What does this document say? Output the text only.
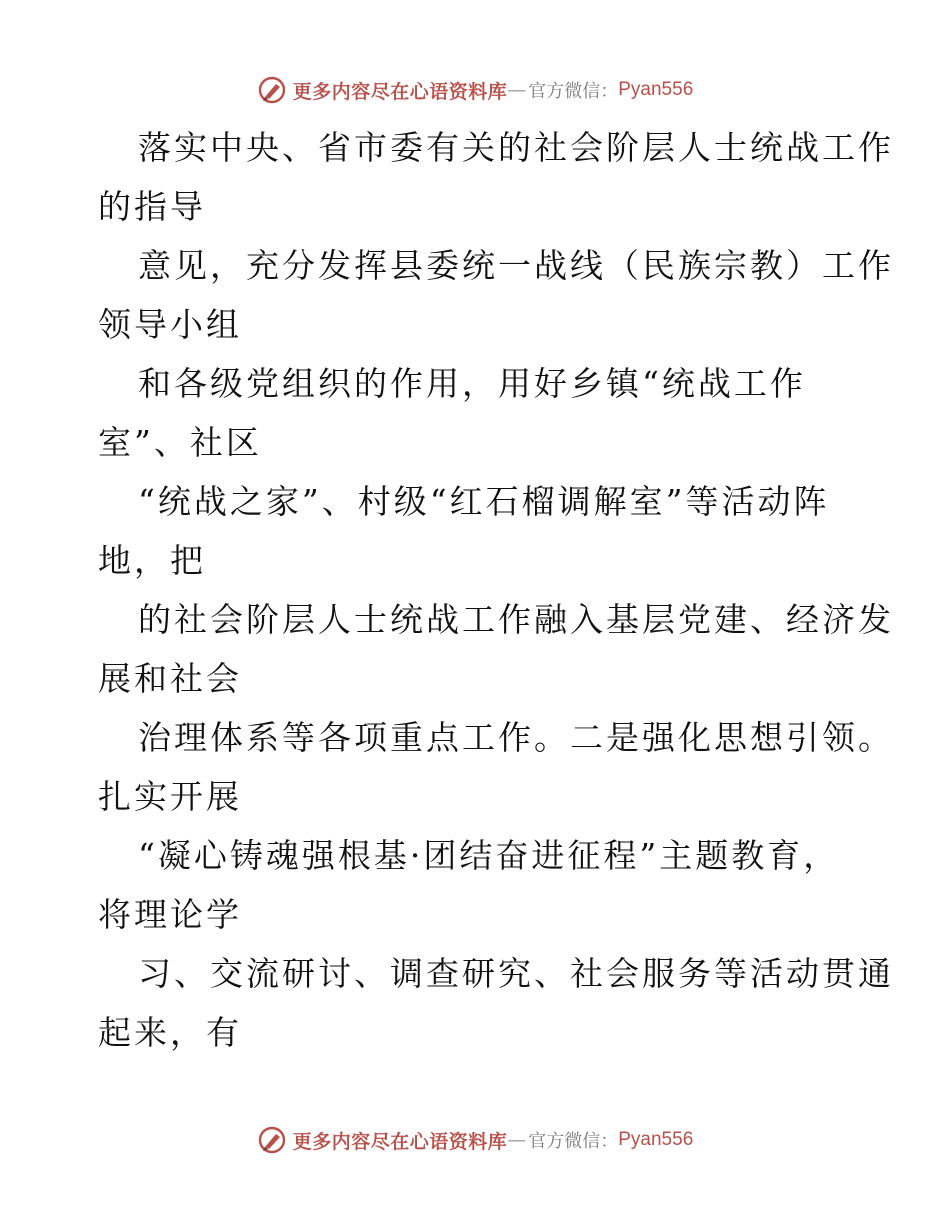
更多内容尽在心语资料库 — 官方微信： Pyan556
落实中央、省市委有关的社会阶层人士统战工作
的指导
意见，充分发挥县委统一战线（民族宗教）工作
领导小组
和各级党组织的作用，用好乡镇“统战工作
室”、社区
“统战之家”、村级“红石榴调解室”等活动阵
地，把
的社会阶层人士统战工作融入基层党建、经济发
展和社会
治理体系等各项重点工作。二是强化思想引领。
扎实开展
“凝心铸魂强根基·团结奋进征程”主题教育，
将理论学
习、交流研讨、调查研究、社会服务等活动贯通
起来，有
更多内容尽在心语资料库 — 官方微信： Pyan556
